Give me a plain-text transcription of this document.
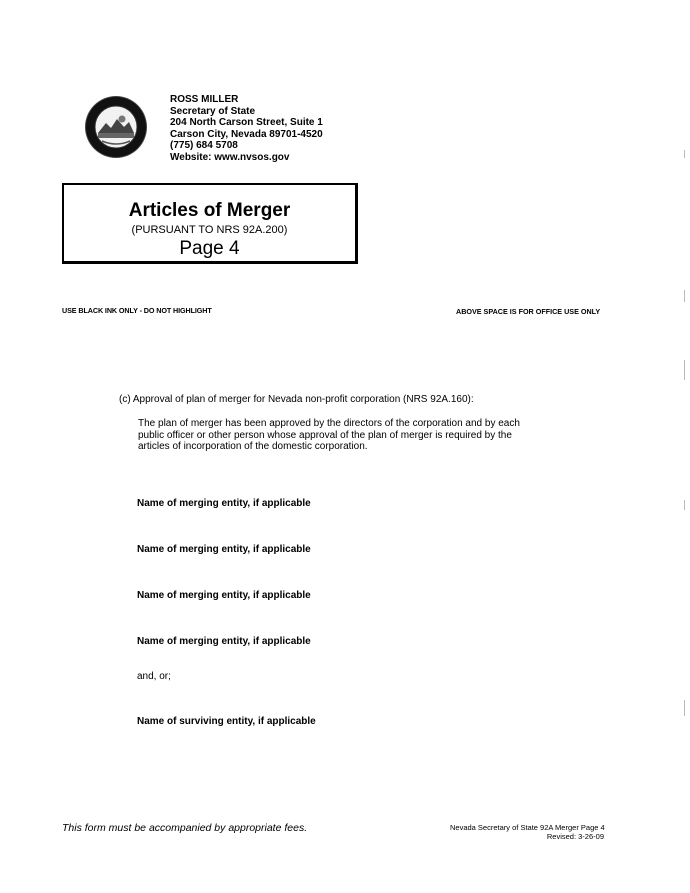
ROSS MILLER
Secretary of State
204 North Carson Street, Suite 1
Carson City, Nevada 89701-4520
(775) 684 5708
Website: www.nvsos.gov
Articles of Merger
(PURSUANT TO NRS 92A.200)
Page 4
USE BLACK INK ONLY - DO NOT HIGHLIGHT	ABOVE SPACE IS FOR OFFICE USE ONLY
(c) Approval of plan of merger for Nevada non-profit corporation (NRS 92A.160):
The plan of merger has been approved by the directors of the corporation and by each
public officer or other person whose approval of the plan of merger is required by the
articles of incorporation of the domestic corporation.
Name of merging entity, if applicable
Name of merging entity, if applicable
Name of merging entity, if applicable
Name of merging entity, if applicable
and, or;
Name of surviving entity, if applicable
This form must be accompanied by appropriate fees.	Nevada Secretary of State 92A Merger Page 4
Revised: 3-26-09
